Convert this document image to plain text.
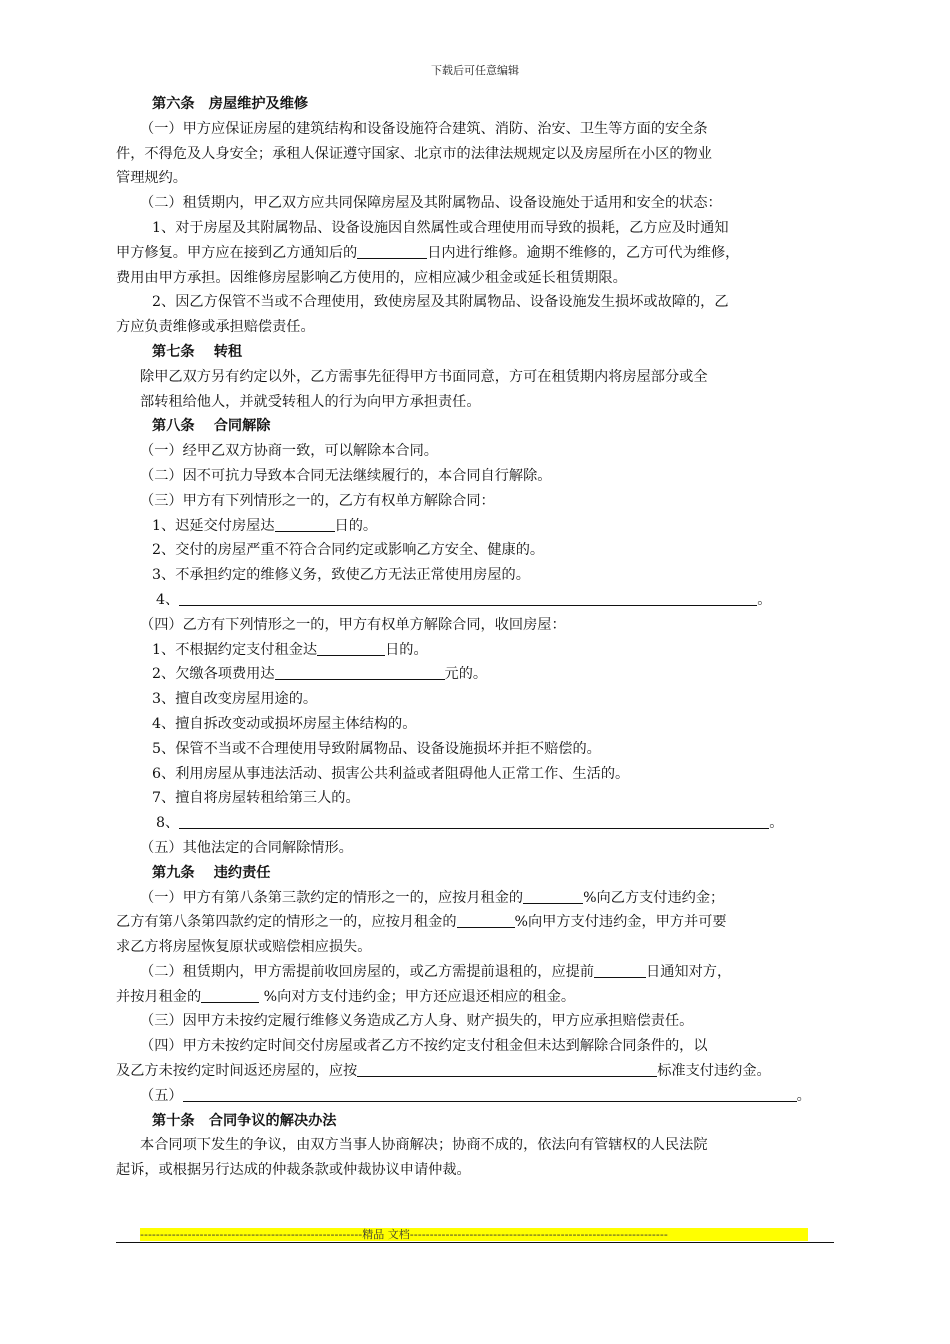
下载后可任意编辑
第六条　房屋维护及维修
（一）甲方应保证房屋的建筑结构和设备设施符合建筑、消防、治安、卫生等方面的安全条
件，不得危及人身安全；承租人保证遵守国家、北京市的法律法规规定以及房屋所在小区的物业
管理规约。
（二）租赁期内，甲乙双方应共同保障房屋及其附属物品、设备设施处于适用和安全的状态：
1、对于房屋及其附属物品、设备设施因自然属性或合理使用而导致的损耗，乙方应及时通知
甲方修复。甲方应在接到乙方通知后的	日内进行维修。逾期不维修的，乙方可代为维修，
费用由甲方承担。因维修房屋影响乙方使用的，应相应减少租金或延长租赁期限。
2、因乙方保管不当或不合理使用，致使房屋及其附属物品、设备设施发生损坏或故障的，乙
方应负责维修或承担赔偿责任。
第七条　 转租
除甲乙双方另有约定以外，乙方需事先征得甲方书面同意，方可在租赁期内将房屋部分或全
部转租给他人，并就受转租人的行为向甲方承担责任。
第八条　 合同解除
（一）经甲乙双方协商一致，可以解除本合同。
（二）因不可抗力导致本合同无法继续履行的，本合同自行解除。
（三）甲方有下列情形之一的，乙方有权单方解除合同：
1、迟延交付房屋达	日的。
2、交付的房屋严重不符合合同约定或影响乙方安全、健康的。
3、不承担约定的维修义务，致使乙方无法正常使用房屋的。
4、	。
（四）乙方有下列情形之一的，甲方有权单方解除合同，收回房屋：
1、不根据约定支付租金达	日的。
2、欠缴各项费用达	元的。
3、擅自改变房屋用途的。
4、擅自拆改变动或损坏房屋主体结构的。
5、保管不当或不合理使用导致附属物品、设备设施损坏并拒不赔偿的。
6、利用房屋从事违法活动、损害公共利益或者阻碍他人正常工作、生活的。
7、擅自将房屋转租给第三人的。
8、	。
（五）其他法定的合同解除情形。
第九条　 违约责任
（一）甲方有第八条第三款约定的情形之一的，应按月租金的	%向乙方支付违约金；
乙方有第八条第四款约定的情形之一的，应按月租金的	%向甲方支付违约金，甲方并可要
求乙方将房屋恢复原状或赔偿相应损失。
（二）租赁期内，甲方需提前收回房屋的，或乙方需提前退租的，应提前	日通知对方，
并按月租金的	%向对方支付违约金；甲方还应退还相应的租金。
（三）因甲方未按约定履行维修义务造成乙方人身、财产损失的，甲方应承担赔偿责任。
（四）甲方未按约定时间交付房屋或者乙方不按约定支付租金但未达到解除合同条件的，以
及乙方未按约定时间返还房屋的，应按	标准支付违约金。
（五）	。
第十条　合同争议的解决办法
本合同项下发生的争议，由双方当事人协商解决；协商不成的，依法向有管辖权的人民法院
起诉，或根据另行达成的仲裁条款或仲裁协议申请仲裁。
--------------------------------------------------------精品 文档-----------------------------------------------------------------
